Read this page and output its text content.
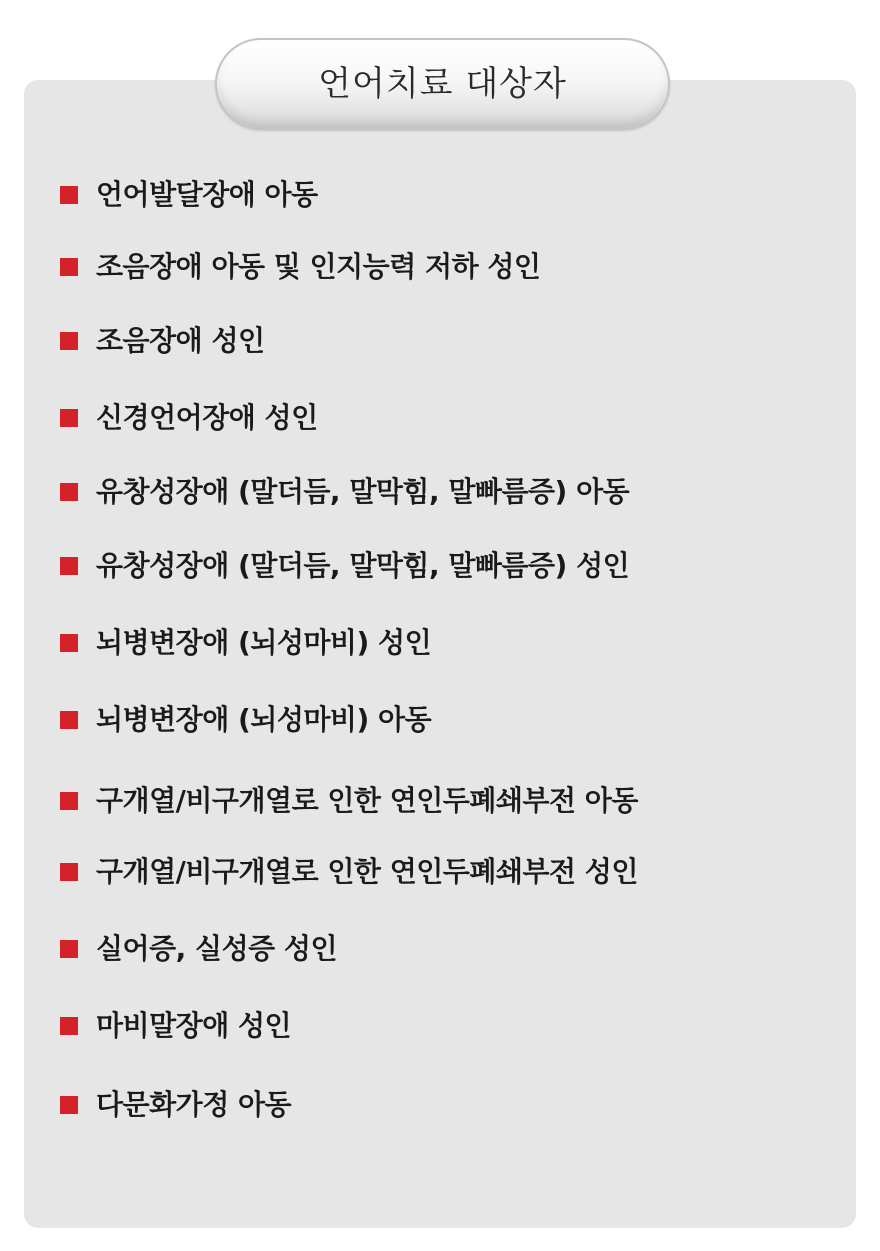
언어치료 대상자
언어발달장애 아동
조음장애 아동 및 인지능력 저하 성인
조음장애 성인
신경언어장애 성인
유창성장애 (말더듬, 말막힘, 말빠름증) 아동
유창성장애 (말더듬, 말막힘, 말빠름증) 성인
뇌병변장애 (뇌성마비) 성인
뇌병변장애 (뇌성마비) 아동
구개열/비구개열로 인한 연인두폐쇄부전 아동
구개열/비구개열로 인한 연인두폐쇄부전 성인
실어증, 실성증 성인
마비말장애 성인
다문화가정 아동
